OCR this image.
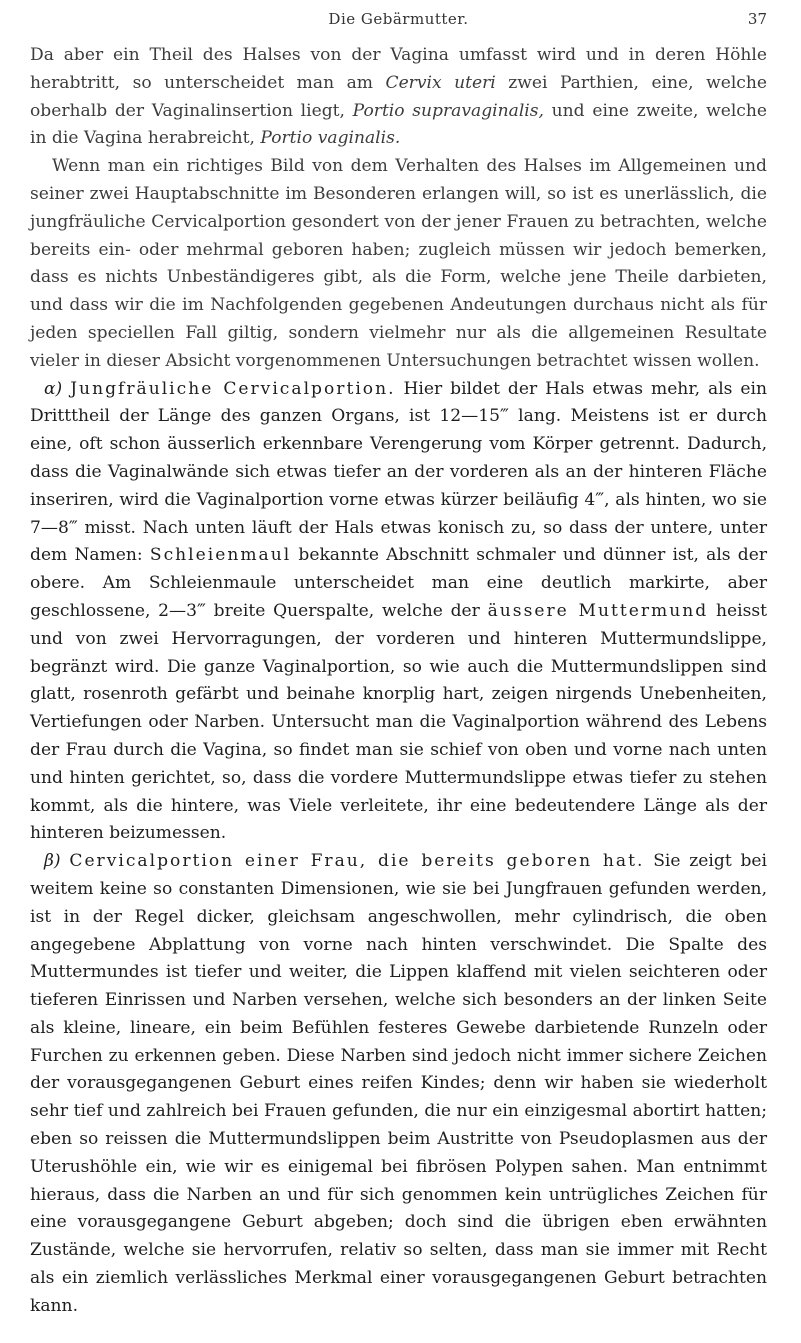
Die Gebärmutter.	37

Da aber ein Theil des Halses von der Vagina umfasst wird und in deren Höhle herabtritt, so unterscheidet man am Cervix uteri zwei Parthien, eine, welche oberhalb der Vaginalinsertion liegt, Portio supravaginalis, und eine zweite, welche in die Vagina herabreicht, Portio vaginalis.

Wenn man ein richtiges Bild von dem Verhalten des Halses im Allgemeinen und seiner zwei Hauptabschnitte im Besonderen erlangen will, so ist es unerlässlich, die jungfräuliche Cervicalportion gesondert von der jener Frauen zu betrachten, welche bereits ein- oder mehrmal geboren haben; zugleich müssen wir jedoch bemerken, dass es nichts Unbeständigeres gibt, als die Form, welche jene Theile darbieten, und dass wir die im Nachfolgenden gegebenen Andeutungen durchaus nicht als für jeden speciellen Fall giltig, sondern vielmehr nur als die allgemeinen Resultate vieler in dieser Absicht vorgenommenen Untersuchungen betrachtet wissen wollen.

α) Jungfräuliche Cervicalportion. Hier bildet der Hals etwas mehr, als ein Dritttheil der Länge des ganzen Organs, ist 12—15‴ lang. Meistens ist er durch eine, oft schon äusserlich erkennbare Verengerung vom Körper getrennt. Dadurch, dass die Vaginalwände sich etwas tiefer an der vorderen als an der hinteren Fläche inseriren, wird die Vaginalportion vorne etwas kürzer beiläufig 4‴, als hinten, wo sie 7—8‴ misst. Nach unten läuft der Hals etwas konisch zu, so dass der untere, unter dem Namen: Schleienmaul bekannte Abschnitt schmaler und dünner ist, als der obere. Am Schleienmaule unterscheidet man eine deutlich markirte, aber geschlossene, 2—3‴ breite Querspalte, welche der äussere Muttermund heisst und von zwei Hervorragungen, der vorderen und hinteren Muttermundslippe, begränzt wird. Die ganze Vaginalportion, so wie auch die Muttermundslippen sind glatt, rosenroth gefärbt und beinahe knorplig hart, zeigen nirgends Unebenheiten, Vertiefungen oder Narben. Untersucht man die Vaginalportion während des Lebens der Frau durch die Vagina, so findet man sie schief von oben und vorne nach unten und hinten gerichtet, so, dass die vordere Muttermundslippe etwas tiefer zu stehen kommt, als die hintere, was Viele verleitete, ihr eine bedeutendere Länge als der hinteren beizumessen.

β) Cervicalportion einer Frau, die bereits geboren hat. Sie zeigt bei weitem keine so constanten Dimensionen, wie sie bei Jungfrauen gefunden werden, ist in der Regel dicker, gleichsam angeschwollen, mehr cylindrisch, die oben angegebene Abplattung von vorne nach hinten verschwindet. Die Spalte des Muttermundes ist tiefer und weiter, die Lippen klaffend mit vielen seichteren oder tieferen Einrissen und Narben versehen, welche sich besonders an der linken Seite als kleine, lineare, ein beim Befühlen festeres Gewebe darbietende Runzeln oder Furchen zu erkennen geben. Diese Narben sind jedoch nicht immer sichere Zeichen der vorausgegangenen Geburt eines reifen Kindes; denn wir haben sie wiederholt sehr tief und zahlreich bei Frauen gefunden, die nur ein einzigesmal abortirt hatten; eben so reissen die Muttermundslippen beim Austritte von Pseudoplasmen aus der Uterushöhle ein, wie wir es einigemal bei fibrösen Polypen sahen. Man entnimmt hieraus, dass die Narben an und für sich genommen kein untrügliches Zeichen für eine vorausgegangene Geburt abgeben; doch sind die übrigen eben erwähnten Zustände, welche sie hervorrufen, relativ so selten, dass man sie immer mit Recht als ein ziemlich verlässliches Merkmal einer vorausgegangenen Geburt betrachten kann.
